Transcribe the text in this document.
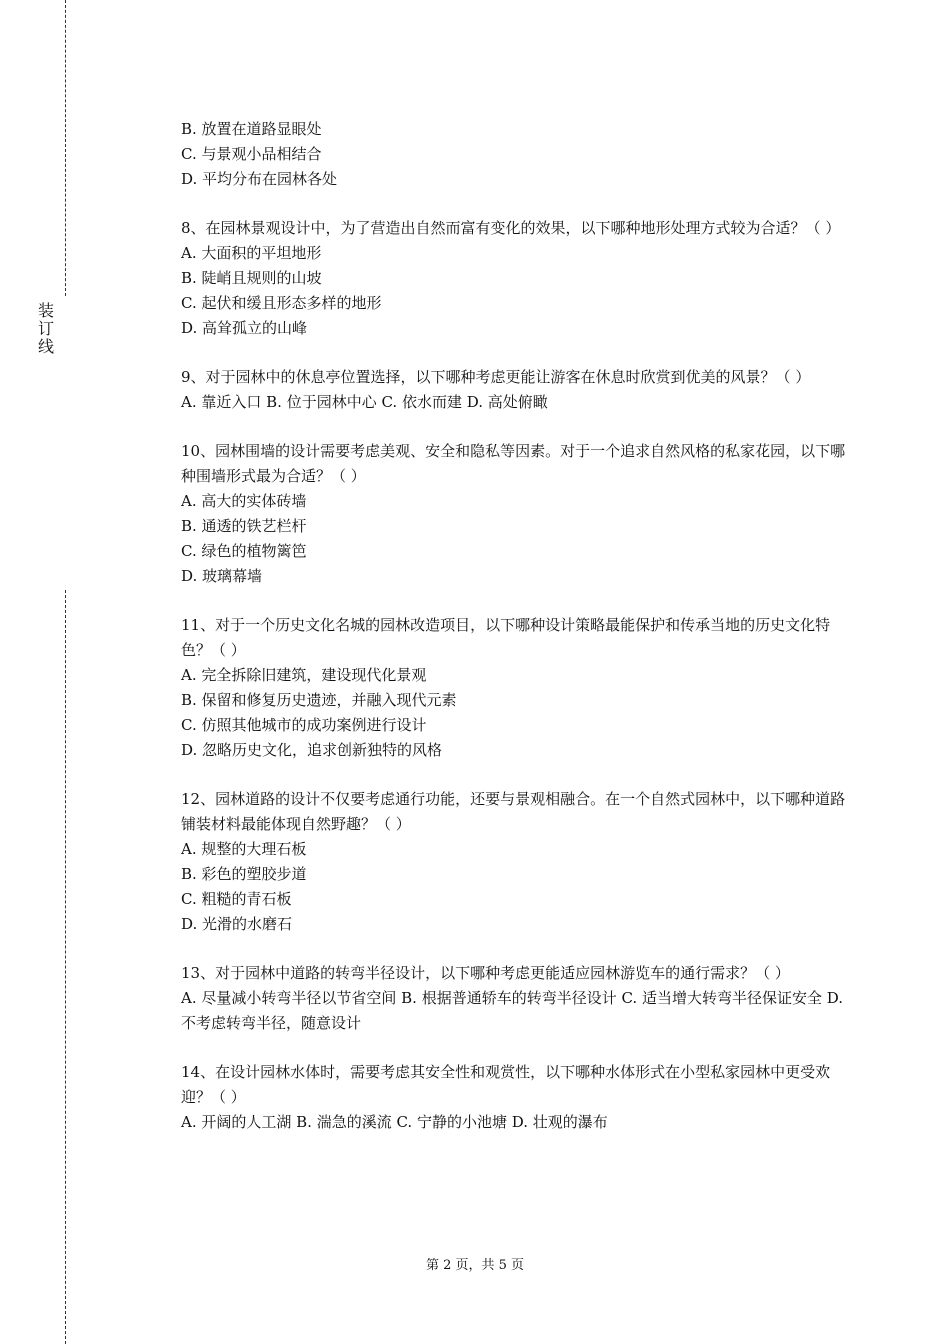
装订线

B. 放置在道路显眼处

C. 与景观小品相结合

D. 平均分布在园林各处

8、在园林景观设计中，为了营造出自然而富有变化的效果，以下哪种地形处理方式较为合适？（ ）

A. 大面积的平坦地形

B. 陡峭且规则的山坡

C. 起伏和缓且形态多样的地形

D. 高耸孤立的山峰

9、对于园林中的休息亭位置选择，以下哪种考虑更能让游客在休息时欣赏到优美的风景？（ ）

A. 靠近入口 B. 位于园林中心 C. 依水而建 D. 高处俯瞰

10、园林围墙的设计需要考虑美观、安全和隐私等因素。对于一个追求自然风格的私家花园，以下哪种围墙形式最为合适？（ ）

A. 高大的实体砖墙

B. 通透的铁艺栏杆

C. 绿色的植物篱笆

D. 玻璃幕墙

11、对于一个历史文化名城的园林改造项目，以下哪种设计策略最能保护和传承当地的历史文化特色？（ ）

A. 完全拆除旧建筑，建设现代化景观

B. 保留和修复历史遗迹，并融入现代元素

C. 仿照其他城市的成功案例进行设计

D. 忽略历史文化，追求创新独特的风格

12、园林道路的设计不仅要考虑通行功能，还要与景观相融合。在一个自然式园林中，以下哪种道路铺装材料最能体现自然野趣？（ ）

A. 规整的大理石板

B. 彩色的塑胶步道

C. 粗糙的青石板

D. 光滑的水磨石

13、对于园林中道路的转弯半径设计，以下哪种考虑更能适应园林游览车的通行需求？（ ）

A. 尽量减小转弯半径以节省空间 B. 根据普通轿车的转弯半径设计 C. 适当增大转弯半径保证安全 D. 不考虑转弯半径，随意设计

14、在设计园林水体时，需要考虑其安全性和观赏性，以下哪种水体形式在小型私家园林中更受欢迎？（ ）

A. 开阔的人工湖 B. 湍急的溪流 C. 宁静的小池塘 D. 壮观的瀑布

第 2 页，共 5 页
